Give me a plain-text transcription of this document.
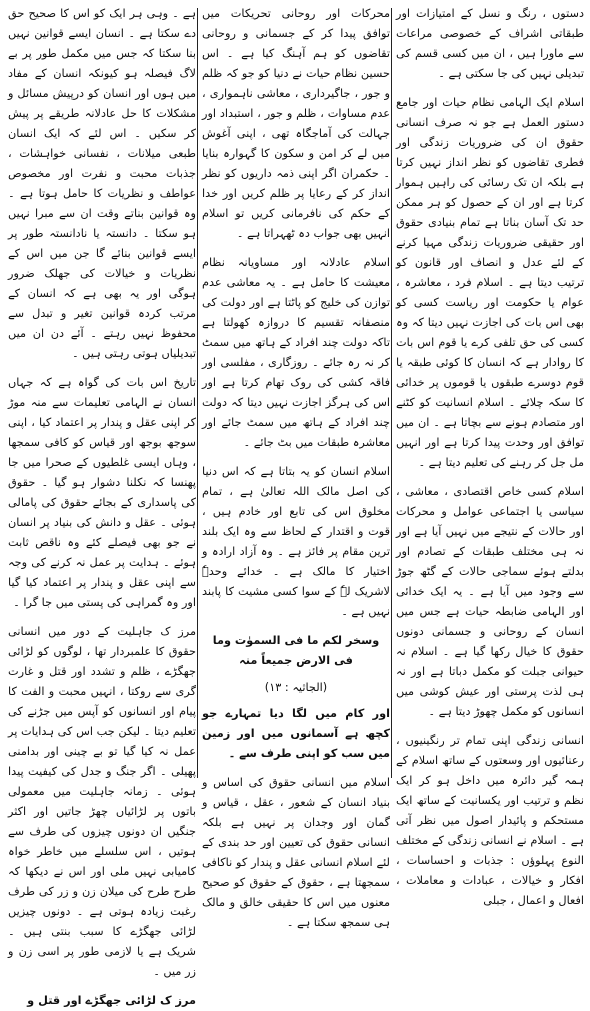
دستوں ، رنگ و نسل کے امتیازات اور طبقاتی اشراف کے خصوصی مراعات سے ماورا ہیں ، ان میں کسی قسم کی تبدیلی نہیں کی جا سکتی ہے ۔

اسلام ایک الہامی نظام حیات اور جامع دستور العمل ہے جو نہ صرف انسانی حقوق ان کی ضروریات زندگی اور فطری تقاضوں کو نظر انداز نہیں کرتا ہے بلکہ ان تک رسائی کی راہیں ہموار کرتا ہے اور ان کے حصول کو ہر ممکن حد تک آسان بناتا ہے تمام بنیادی حقوق اور حقیقی ضروریات زندگی مہیا کرنے کے لئے عدل و انصاف اور قانون کو ترتیب دیتا ہے ۔ اسلام فرد ، معاشرہ ، عوام یا حکومت اور ریاست کسی کو بھی اس بات کی اجازت نہیں دیتا کہ وہ کسی کی حق تلفی کرے یا قوم اس بات کا روادار ہے کہ انسان کا کوئی طبقہ یا قوم دوسرے طبقوں یا قوموں پر خدائی کا سکہ چلائے ۔ اسلام انسانیت کو کٹنے اور متصادم ہونے سے بچاتا ہے ۔ ان میں توافق اور وحدت پیدا کرتا ہے اور انہیں مل جل کر رہنے کی تعلیم دیتا ہے ۔

اسلام کسی خاص اقتصادی ، معاشی ، سیاسی یا اجتماعی عوامل و محرکات اور حالات کے نتیجے میں نہیں آیا ہے اور نہ ہی مختلف طبقات کے تصادم اور بدلتے ہوئے سماجی حالات کے گٹھ جوڑ سے وجود میں آیا ہے ۔ یہ ایک خدائی اور الہامی ضابطہ حیات ہے جس میں انسان کے روحانی و جسمانی دونوں حقوق کا خیال رکھا گیا ہے ۔ اسلام نہ حیوانی جبلت کو مکمل دباتا ہے اور نہ ہی لذت پرستی اور عیش کوشی میں انسانوں کو مکمل چھوڑ دیتا ہے ۔

انسانی زندگی اپنی تمام تر رنگینیوں ، رعنائیوں اور وسعتوں کے ساتھ اسلام کے ہمہ گیر دائرہ میں داخل ہو کر ایک نظم و ترتیب اور یکسانیت کے ساتھ ایک مستحکم و پائیدار اصول میں نظر آتی ہے ۔ اسلام نے انسانی زندگی کے مختلف النوع پہلوؤں : جذبات و احساسات ، افکار و خیالات ، عبادات و معاملات ، افعال و اعمال ، جبلی

محرکات اور روحانی تحریکات میں توافق پیدا کر کے جسمانی و روحانی تقاضوں کو ہم آہنگ کیا ہے ۔ اس حسین نظام حیات نے دنیا کو جو کہ ظلم و جور ، جاگیرداری ، معاشی ناہمواری ، عدم مساوات ، ظلم و جور ، استبداد اور جہالت کی آماجگاہ تھی ، اپنی آغوش میں لے کر امن و سکون کا گہوارہ بنایا ۔ حکمران اگر اپنی ذمہ داریوں کو نظر انداز کر کے رعایا پر ظلم کریں اور خدا کے حکم کی نافرمانی کریں تو اسلام انہیں بھی جواب دہ ٹھہراتا ہے ۔

اسلام عادلانہ اور مساویانہ نظام معیشت کا حامل ہے ۔ یہ معاشی عدم توازن کی خلیج کو پاٹتا ہے اور دولت کی منصفانہ تقسیم کا دروازہ کھولتا ہے تاکہ دولت چند افراد کے ہاتھ میں سمٹ کر نہ رہ جائے ۔ روزگاری ، مفلسی اور فاقہ کشی کی روک تھام کرتا ہے اور اس کی ہرگز اجازت نہیں دیتا کہ دولت چند افراد کے ہاتھ میں سمٹ جائے اور معاشرہ طبقات میں بٹ جائے ۔

اسلام انسان کو یہ بتاتا ہے کہ اس دنیا کی اصل مالک اللہ تعالیٰ ہے ، تمام مخلوق اس کی تابع اور خادم ہیں ، قوت و اقتدار کے لحاظ سے وہ ایک بلند ترین مقام پر فائز ہے ۔ وہ آزاد ارادہ و اختیار کا مالک ہے ۔ خدائے وحدہٗ لاشریک لہٗ کے سوا کسی مشیت کا پابند نہیں ہے ۔

وسخر لکم ما فی السموٰت وما فی الارض جمیعاً منہ

(الجاثیہ : ۱۳)

اور کام میں لگا دیا تمہارے جو کچھ ہے آسمانوں میں اور زمین میں سب کو اپنی طرف سے ۔

اسلام میں انسانی حقوق کی اساس و بنیاد انسان کے شعور ، عقل ، قیاس و گمان اور وجدان پر نہیں ہے بلکہ انسانی حقوق کی تعیین اور حد بندی کے لئے اسلام انسانی عقل و پندار کو ناکافی سمجھتا ہے ، حقوق کے حقوق کو صحیح معنوں میں اس کا حقیقی خالق و مالک ہی سمجھ سکتا ہے ۔

ہے ۔ وہی ہر ایک کو اس کا صحیح حق دے سکتا ہے ۔ انسان ایسے قوانین نہیں بنا سکتا کہ جس میں مکمل طور پر بے لاگ فیصلہ ہو کیونکہ انسان کے مفاد میں ہوں اور انسان کو درپیش مسائل و مشکلات کا حل عادلانہ طریقے پر پیش کر سکیں ۔ اس لئے کہ ایک انسان طبعی میلانات ، نفسانی خواہشات ، جذبات محبت و نفرت اور مخصوص عواطف و نظریات کا حامل ہوتا ہے ۔ وہ قوانین بناتے وقت ان سے مبرا نہیں ہو سکتا ۔ دانستہ یا نادانستہ طور پر ایسے قوانین بنائے گا جن میں اس کے نظریات و خیالات کی جھلک ضرور ہوگی اور یہ بھی ہے کہ انسان کے مرتب کردہ قوانین تغیر و تبدل سے محفوظ نہیں رہتے ۔ آئے دن ان میں تبدیلیاں ہوتی رہتی ہیں ۔

تاریخ اس بات کی گواہ ہے کہ جہاں انسان نے الہامی تعلیمات سے منہ موڑ کر اپنی عقل و پندار پر اعتماد کیا ، اپنی سوجھ بوجھ اور قیاس کو کافی سمجھا ، وہاں ایسی غلطیوں کے صحرا میں جا پھنسا کہ نکلنا دشوار ہو گیا ۔ حقوق کی پاسداری کے بجائے حقوق کی پامالی ہوئی ۔ عقل و دانش کی بنیاد پر انسان نے جو بھی فیصلے کئے وہ ناقص ثابت ہوئے ۔ ہدایت پر عمل نہ کرنے کی وجہ سے اپنی عقل و پندار پر اعتماد کیا گیا اور وہ گمراہی کی پستی میں جا گرا ۔

مرز ک جاہلیت کے دور میں انسانی حقوق کا علمبردار تھا ، لوگوں کو لڑائی جھگڑے ، ظلم و تشدد اور قتل و غارت گری سے روکتا ، انہیں محبت و الفت کا پیام اور انسانوں کو آپس میں جڑنے کی تعلیم دیتا ۔ لیکن جب اس کی ہدایات پر عمل نہ کیا گیا تو بے چینی اور بدامنی پھیلی ۔ اگر جنگ و جدل کی کیفیت پیدا ہوئی ۔ زمانہ جاہلیت میں معمولی باتوں پر لڑائیاں چھڑ جاتیں اور اکثر جنگیں ان دونوں چیزوں کی طرف سے ہوتیں ، اس سلسلے میں خاطر خواہ کامیابی نہیں ملی اور اس نے دیکھا کہ طرح طرح کی میلان زن و زر کی طرف رغبت زیادہ ہوتی ہے ۔ دونوں چیزیں لڑائی جھگڑے کا سبب بنتی ہیں ۔ شریک ہے یا لازمی طور پر اسی زن و زر میں ۔

مرز ک لڑائی جھگڑے اور قتل و
